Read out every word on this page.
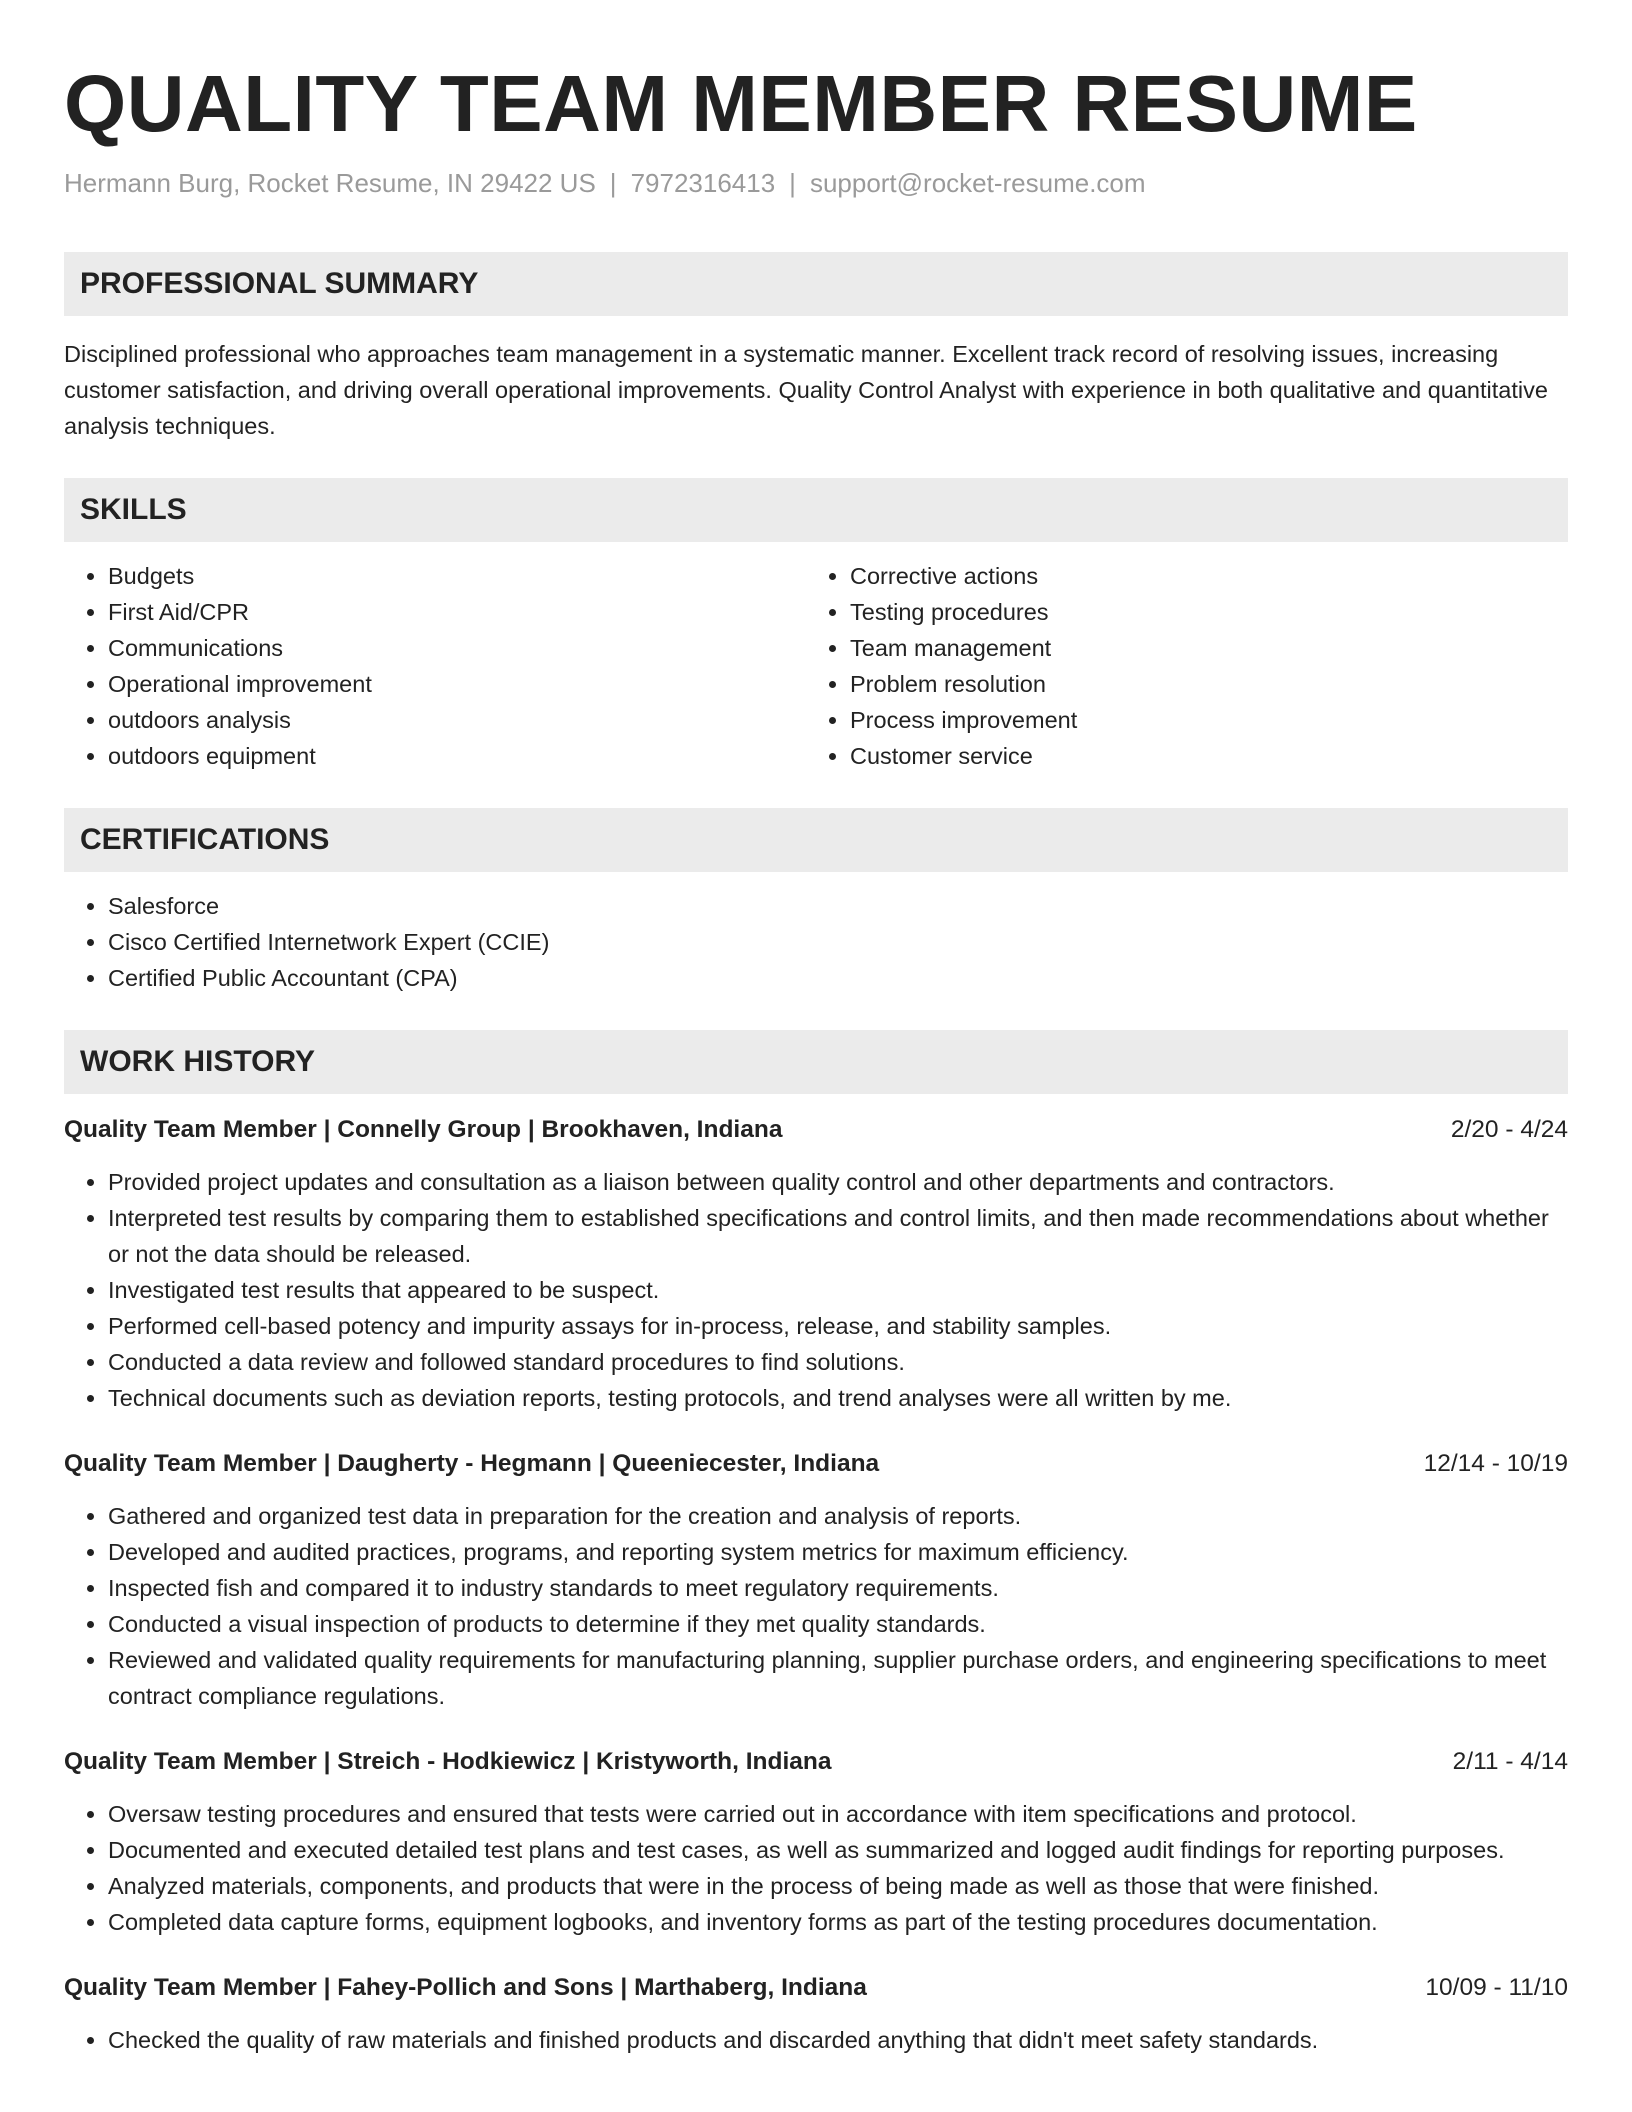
QUALITY TEAM MEMBER RESUME
Hermann Burg, Rocket Resume, IN 29422 US | 7972316413 | support@rocket-resume.com
PROFESSIONAL SUMMARY

Disciplined professional who approaches team management in a systematic manner. Excellent track record of resolving issues, increasing customer satisfaction, and driving overall operational improvements. Quality Control Analyst with experience in both qualitative and quantitative analysis techniques.

SKILLS
• Budgets
• First Aid/CPR
• Communications
• Operational improvement
• outdoors analysis
• outdoors equipment
• Corrective actions
• Testing procedures
• Team management
• Problem resolution
• Process improvement
• Customer service
CERTIFICATIONS
• Salesforce
• Cisco Certified Internetwork Expert (CCIE)
• Certified Public Accountant (CPA)
WORK HISTORY
Quality Team Member | Connelly Group | Brookhaven, Indiana	2/20 - 4/24
• Provided project updates and consultation as a liaison between quality control and other departments and contractors.
• Interpreted test results by comparing them to established specifications and control limits, and then made recommendations about whether or not the data should be released.
• Investigated test results that appeared to be suspect.
• Performed cell-based potency and impurity assays for in-process, release, and stability samples.
• Conducted a data review and followed standard procedures to find solutions.
• Technical documents such as deviation reports, testing protocols, and trend analyses were all written by me.
Quality Team Member | Daugherty - Hegmann | Queeniecester, Indiana	12/14 - 10/19
• Gathered and organized test data in preparation for the creation and analysis of reports.
• Developed and audited practices, programs, and reporting system metrics for maximum efficiency.
• Inspected fish and compared it to industry standards to meet regulatory requirements.
• Conducted a visual inspection of products to determine if they met quality standards.
• Reviewed and validated quality requirements for manufacturing planning, supplier purchase orders, and engineering specifications to meet contract compliance regulations.
Quality Team Member | Streich - Hodkiewicz | Kristyworth, Indiana	2/11 - 4/14
• Oversaw testing procedures and ensured that tests were carried out in accordance with item specifications and protocol.
• Documented and executed detailed test plans and test cases, as well as summarized and logged audit findings for reporting purposes.
• Analyzed materials, components, and products that were in the process of being made as well as those that were finished.
• Completed data capture forms, equipment logbooks, and inventory forms as part of the testing procedures documentation.
Quality Team Member | Fahey-Pollich and Sons | Marthaberg, Indiana	10/09 - 11/10
• Checked the quality of raw materials and finished products and discarded anything that didn't meet safety standards.
